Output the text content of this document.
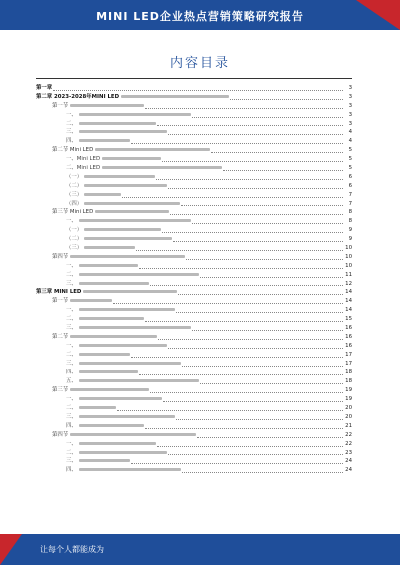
MINI LED企业热点营销策略研究报告
内容目录
第一章	3
第二章 2023-2028年MINI LED	3
第一节	3
一、	3
二、	3
三、	4
四、	4
第二节 Mini LED	5
一、Mini LED	5
二、Mini LED	5
（一）	6
（二）	6
（三）	7
（四）	7
第三节 Mini LED	8
一、	8
（一）	9
（二）	9
（三）	10
第四节	10
一、	10
二、	11
三、	12
第三章 MINI LED	14
第一节	14
一、	14
二、	15
三、	16
第二节	16
一、	16
二、	17
三、	17
四、	18
五、	18
第三节	19
一、	19
二、	20
三、	20
四、	21
第四节	22
一、	22
二、	23
三、	24
四、	24
让每个人都能成为
